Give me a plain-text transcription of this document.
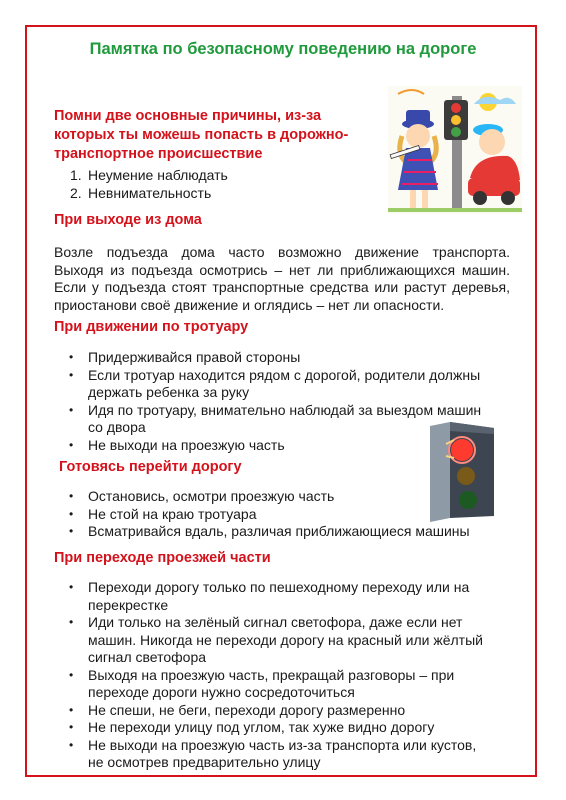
Памятка по безопасному поведению на дороге
Помни две основные причины, из-за
которых ты можешь попасть в дорожно-
транспортное происшествие
1. Неумение наблюдать
2. Невнимательность
При выходе из дома
Возле подъезда дома часто возможно движение транспорта.
Выходя из подъезда осмотрись – нет ли приближающихся машин.
Если у подъезда стоят транспортные средства или растут деревья,
приостанови своё движение и оглядись – нет ли опасности.
При движении по тротуару
• Придерживайся правой стороны
• Если тротуар находится рядом с дорогой, родители должны
держать ребенка за руку
• Идя по тротуару, внимательно наблюдай за выездом машин
со двора
• Не выходи на проезжую часть
Готовясь перейти дорогу
• Остановись, осмотри проезжую часть
• Не стой на краю тротуара
• Всматривайся вдаль, различая приближающиеся машины
При переходе проезжей части
• Переходи дорогу только по пешеходному переходу или на
перекрестке
• Иди только на зелёный сигнал светофора, даже если нет
машин. Никогда не переходи дорогу на красный или жёлтый
сигнал светофора
• Выходя на проезжую часть, прекращай разговоры – при
переходе дороги нужно сосредоточиться
• Не спеши, не беги, переходи дорогу размеренно
• Не переходи улицу под углом, так хуже видно дорогу
• Не выходи на проезжую часть из-за транспорта или кустов,
не осмотрев предварительно улицу
